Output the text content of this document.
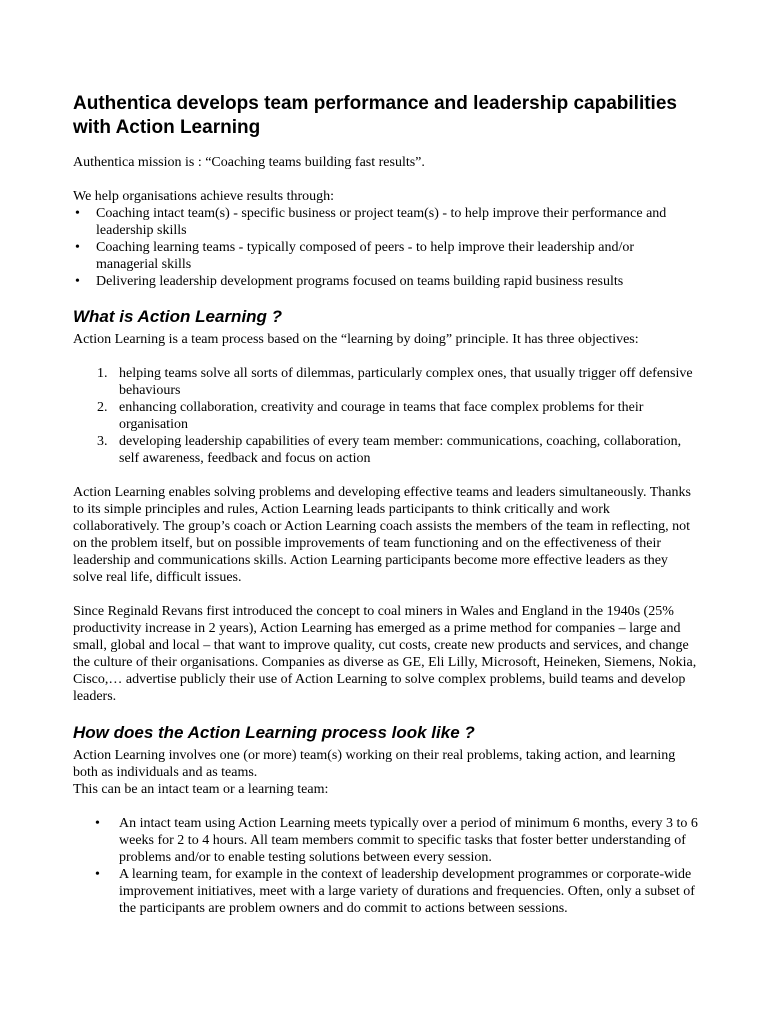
Authentica develops team performance and leadership capabilities with Action Learning

Authentica mission is : “Coaching teams building fast results”.

We help organisations achieve results through:

• Coaching intact team(s) - specific business or project team(s) - to help improve their performance and leadership skills
• Coaching learning teams - typically composed of peers - to help improve their leadership and/or managerial skills
• Delivering leadership development programs focused on teams building rapid business results
What is Action Learning ?

Action Learning is a team process based on the “learning by doing” principle. It has three objectives:

1. helping teams solve all sorts of dilemmas, particularly complex ones, that usually trigger off defensive behaviours
2. enhancing collaboration, creativity and courage in teams that face complex problems for their organisation
3. developing leadership capabilities of every team member: communications, coaching, collaboration, self awareness, feedback and focus on action

Action Learning enables solving problems and developing effective teams and leaders simultaneously. Thanks to its simple principles and rules, Action Learning leads participants to think critically and work collaboratively. The group’s coach or Action Learning coach assists the members of the team in reflecting, not on the problem itself, but on possible improvements of team functioning and on the effectiveness of their leadership and communications skills. Action Learning participants become more effective leaders as they solve real life, difficult issues.

Since Reginald Revans first introduced the concept to coal miners in Wales and England in the 1940s (25% productivity increase in 2 years), Action Learning has emerged as a prime method for companies – large and small, global and local – that want to improve quality, cut costs, create new products and services, and change the culture of their organisations. Companies as diverse as GE, Eli Lilly, Microsoft, Heineken, Siemens, Nokia, Cisco,… advertise publicly their use of Action Learning to solve complex problems, build teams and develop leaders.

How does the Action Learning process look like ?

Action Learning involves one (or more) team(s) working on their real problems, taking action, and learning both as individuals and as teams.

This can be an intact team or a learning team:

• An intact team using Action Learning meets typically over a period of minimum 6 months, every 3 to 6 weeks for 2 to 4 hours. All team members commit to specific tasks that foster better understanding of problems and/or to enable testing solutions between every session.
• A learning team, for example in the context of leadership development programmes or corporate-wide improvement initiatives, meet with a large variety of durations and frequencies. Often, only a subset of the participants are problem owners and do commit to actions between sessions.
